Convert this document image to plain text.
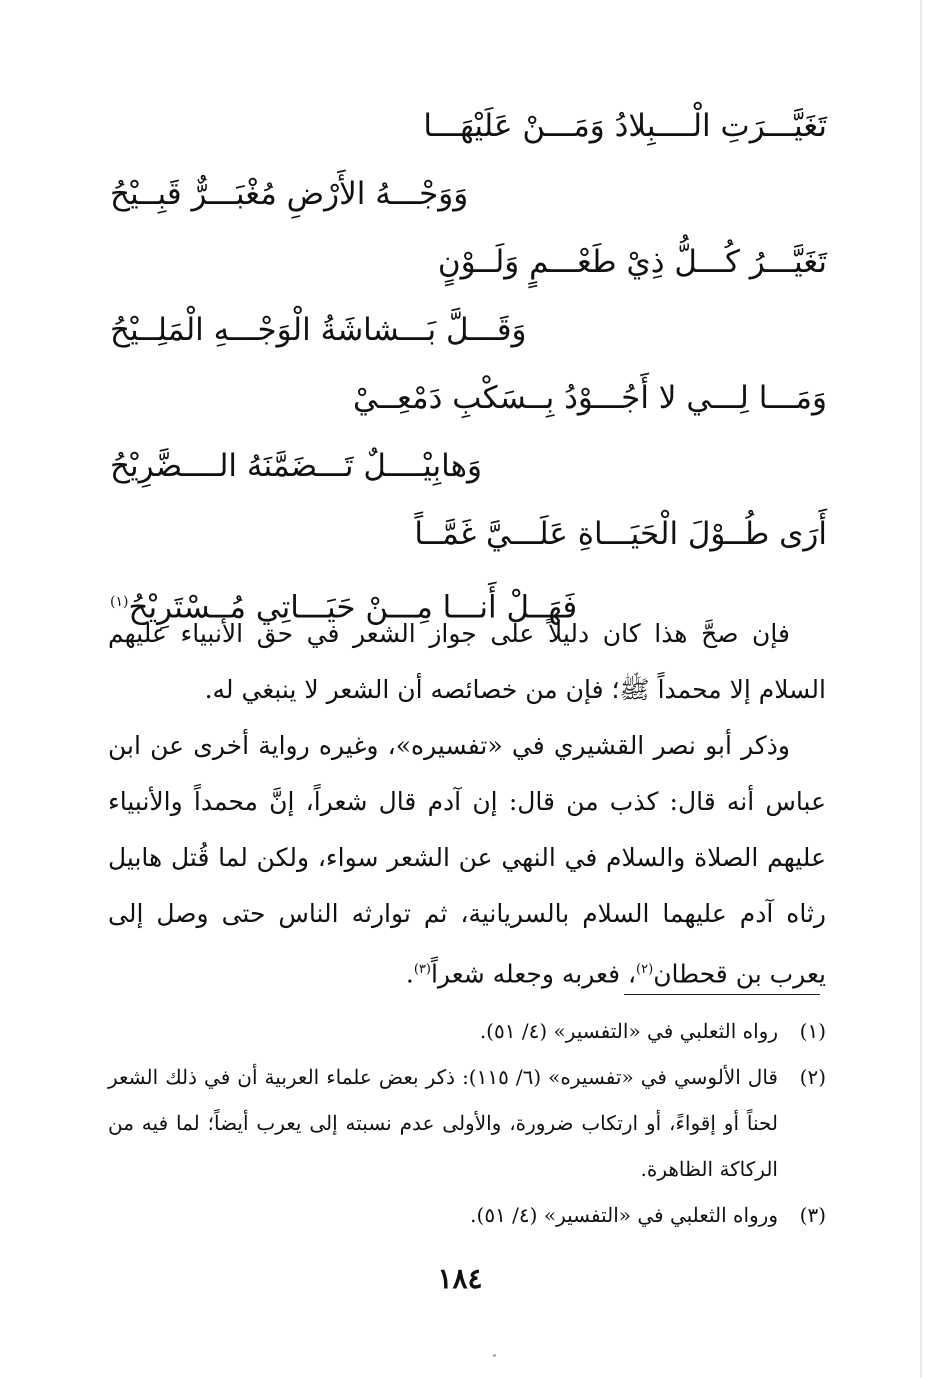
تَغَيَّـــرَتِ الْــــبِلادُ وَمَـــنْ عَلَيْهَـــا
وَوَجْـــهُ الأَرْضِ مُغْبَـــرٌّ قَبِــيْحُ
تَغَيَّـــرُ كُـــلُّ ذِيْ طَعْـــمٍ وَلَــوْنٍ
وَقَـــلَّ بَـــشاشَةُ الْوَجْـــهِ الْمَلِــيْحُ
وَمَـــا لِـــي لا أَجُـــوْدُ بِــسَكْبِ دَمْعِــيْ
وَهابِيْــــلٌ تَـــضَمَّنَهُ الــــضَّرِيْحُ
أَرَى طُــوْلَ الْحَيَـــاةِ عَلَـــيَّ غَمَّــاً
فَهَــلْ أَنـــا مِـــنْ حَيَـــاتِي مُــسْتَرِيْحُ$^{(١)}$

فإن صحَّ هذا كان دليلاً على جواز الشعر في حق الأنبياء عليهم السلام إلا محمداً ﷺ؛ فإن من خصائصه أن الشعر لا ينبغي له.

وذكر أبو نصر القشيري في «تفسيره»، وغيره رواية أخرى عن ابن عباس أنه قال: كذب من قال: إن آدم قال شعراً، إنَّ محمداً والأنبياء عليهم الصلاة والسلام في النهي عن الشعر سواء، ولكن لما قُتل هابيل رثاه آدم عليهما السلام بالسريانية، ثم توارثه الناس حتى وصل إلى يعرب بن قحطان$^{(٢)}$، فعربه وجعله شعراً$^{(٣)}$.

(١)
رواه الثعلبي في «التفسير» (٤/ ٥١).
(٢)
قال الألوسي في «تفسيره» (٦/ ١١٥): ذكر بعض علماء العربية أن في ذلك الشعر لحناً أو إقواءً، أو ارتكاب ضرورة، والأولى عدم نسبته إلى يعرب أيضاً؛ لما فيه من الركاكة الظاهرة.
(٣)
ورواه الثعلبي في «التفسير» (٤/ ٥١).
١٨٤
